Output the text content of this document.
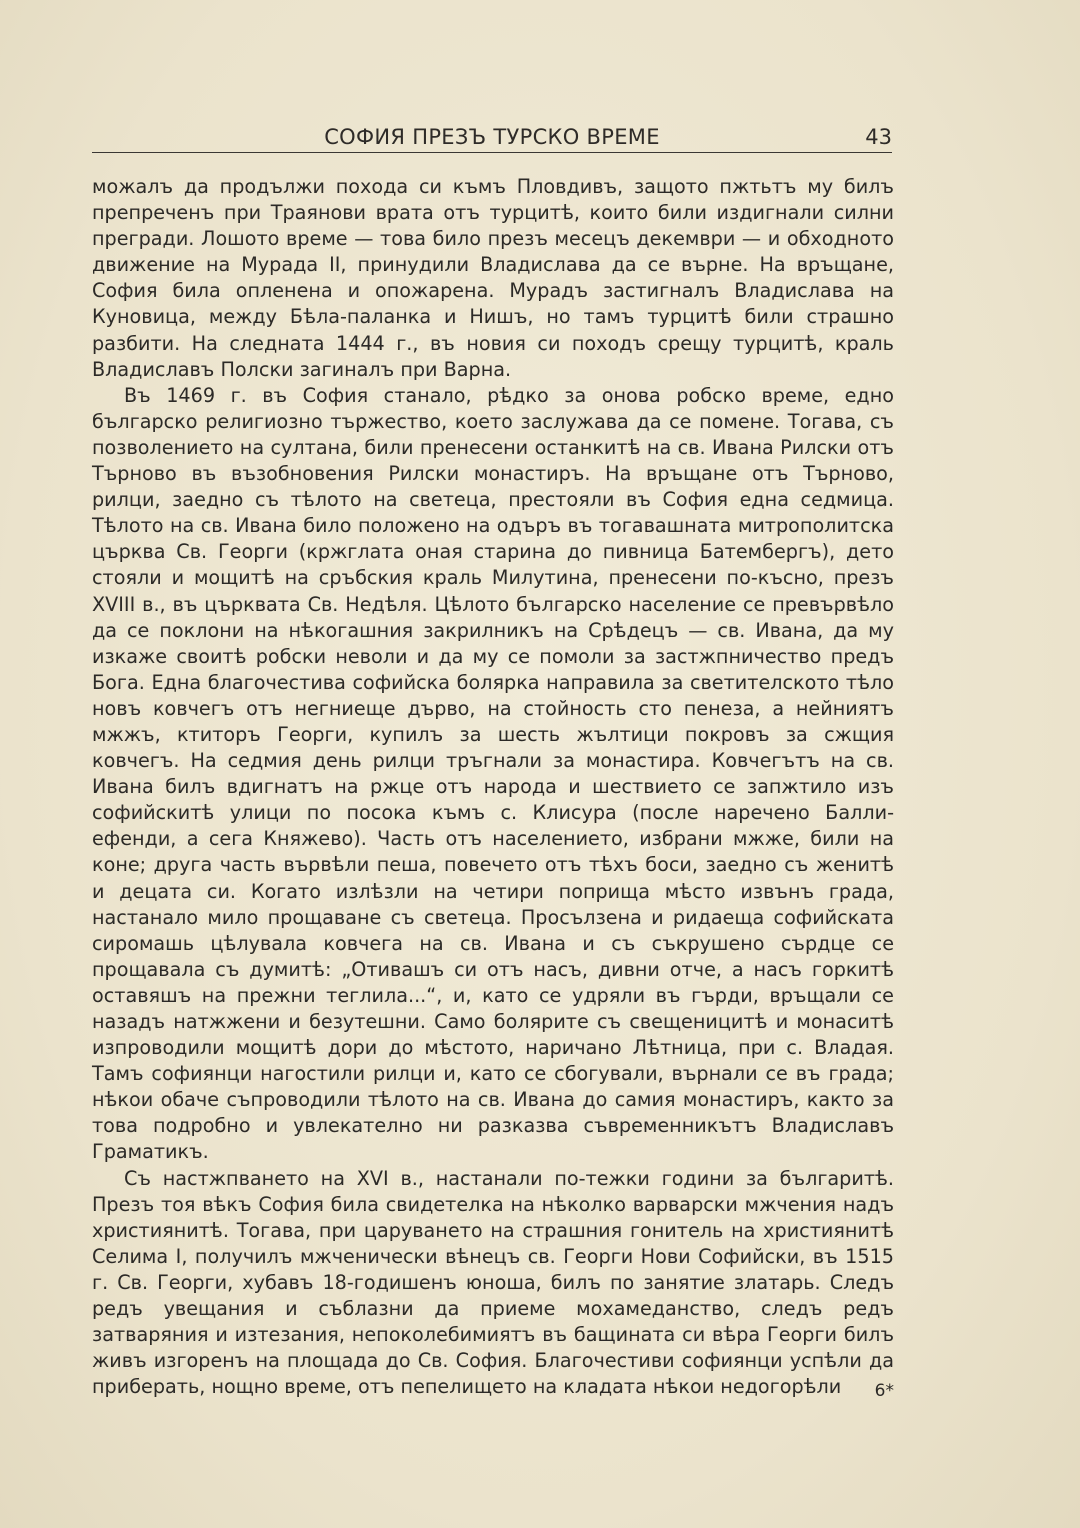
СОФИЯ ПРЕЗЪ ТУРСКО ВРЕМЕ	43

можалъ да продължи похода си къмъ Пловдивъ, защото пжтьтъ му билъ препреченъ при Траянови врата отъ турцитѣ, които били издигнали силни прегради. Лошото време — това било презъ месецъ декември — и обходното движение на Мурада II, принудили Владислава да се върне. На връщане, София била опленена и опожарена. Мурадъ застигналъ Владислава на Куновица, между Бѣла-паланка и Нишъ, но тамъ турцитѣ били страшно разбити. На следната 1444 г., въ новия си походъ срещу турцитѣ, краль Владиславъ Полски загиналъ при Варна.

Въ 1469 г. въ София станало, рѣдко за онова робско време, едно българско религиозно тържество, което заслужава да се помене. Тогава, съ позволението на султана, били пренесени останкитѣ на св. Ивана Рилски отъ Търново въ възобновения Рилски монастиръ. На връщане отъ Търново, рилци, заедно съ тѣлото на светеца, престояли въ София една седмица. Тѣлото на св. Ивана било положено на одъръ въ тогавашната митрополитска църква Св. Георги (кржглата оная старина до пивница Батембергъ), дето стояли и мощитѣ на сръбския краль Милутина, пренесени по-късно, презъ XVIII в., въ църквата Св. Недѣля. Цѣлото българско население се превървѣло да се поклони на нѣкогашния закрилникъ на Срѣдецъ — св. Ивана, да му изкаже своитѣ робски неволи и да му се помоли за застжпничество предъ Бога. Една благочестива софийска болярка направила за светителското тѣло новъ ковчегъ отъ негниеще дърво, на стойность сто пенеза, а нейниятъ мжжъ, ктиторъ Георги, купилъ за шесть жълтици покровъ за сжщия ковчегъ. На седмия день рилци тръгнали за монастира. Ковчегътъ на св. Ивана билъ вдигнатъ на ржце отъ народа и шествието се запжтило изъ софийскитѣ улици по посока къмъ с. Клисура (после наречено Балли-ефенди, а сега Княжево). Часть отъ населението, избрани мжже, били на коне; друга часть вървѣли пеша, повечето отъ тѣхъ боси, заедно съ женитѣ и децата си. Когато излѣзли на четири поприща мѣсто извънъ града, настанало мило прощаване съ светеца. Просълзена и ридаеща софийската сиромашь цѣлувала ковчега на св. Ивана и съ съкрушено сърдце се прощавала съ думитѣ: „Отивашъ си отъ насъ, дивни отче, а насъ горкитѣ оставяшъ на прежни теглила...“, и, като се удряли въ гърди, връщали се назадъ натжжени и безутешни. Само болярите съ свещеницитѣ и монаситѣ изпроводили мощитѣ дори до мѣстото, наричано Лѣтница, при с. Владая. Тамъ софиянци нагостили рилци и, като се сбогували, върнали се въ града; нѣкои обаче съпроводили тѣлото на св. Ивана до самия монастиръ, както за това подробно и увлекателно ни разказва съвременникътъ Владиславъ Граматикъ.

Съ настжпването на XVI в., настанали по-тежки години за българитѣ. Презъ тоя вѣкъ София била свидетелка на нѣколко варварски мжчения надъ християнитѣ. Тогава, при царуването на страшния гонитель на християнитѣ Селима I, получилъ мжченически вѣнецъ св. Георги Нови Софийски, въ 1515 г. Св. Георги, хубавъ 18-годишенъ юноша, билъ по занятие златарь. Следъ редъ увещания и съблазни да приеме мохамеданство, следъ редъ затваряния и изтезания, непоколебимиятъ въ бащината си вѣра Георги билъ живъ изгоренъ на площада до Св. София. Благочестиви софиянци успѣли да приберать, нощно време, отъ пепелището на кладата нѣкои недогорѣли	6*
